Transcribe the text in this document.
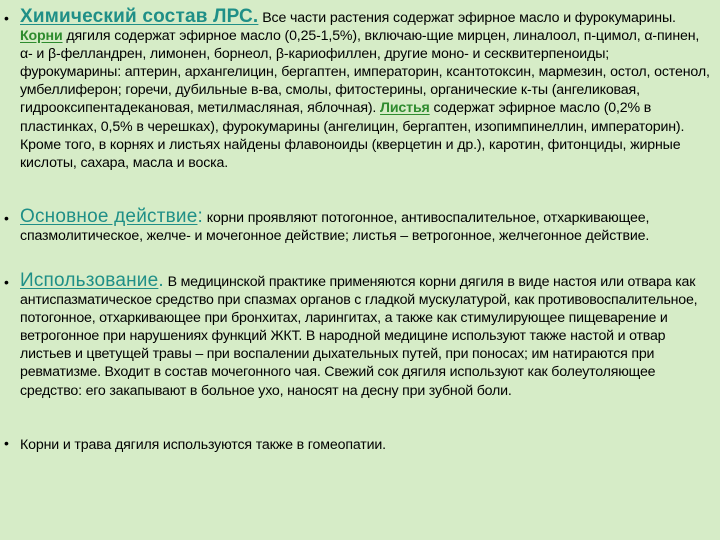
• Химический состав ЛРС. Все части растения содержат эфирное масло и фурокумарины. Корни дягиля содержат эфирное масло (0,25-1,5%), включаю-щие мирцен, линалоол, п-цимол, α-пинен, α- и β-фелландрен, лимонен, борнеол, β-кариофиллен, другие моно- и сесквитерпеноиды; фурокумарины: аптерин, архангелицин, бергаптен, императорин, ксантотоксин, мармезин, остол, остенол, умбеллиферон; горечи, дубильные в-ва, смолы, фитостерины, органические к-ты (ангеликовая, гидрооксипентадекановая, метилмасляная, яблочная). Листья содержат эфирное масло (0,2% в пластинках, 0,5% в черешках), фурокумарины (ангелицин, бергаптен, изопимпинеллин, императорин). Кроме того, в корнях и листьях найдены флавоноиды (кверцетин и др.), каротин, фитонциды, жирные кислоты, сахара, масла и воска.
• Основное действие: корни проявляют потогонное, антивоспалительное, отхаркивающее, спазмолитическое, желче- и мочегонное действие; листья – ветрогонное, желчегонное действие.
• Использование. В медицинской практике применяются корни дягиля в виде настоя или отвара как антиспазматическое средство при спазмах органов с гладкой мускулатурой, как противовоспалительное, потогонное, отхаркивающее при бронхитах, ларингитах, а также как стимулирующее пищеварение и ветрогонное при нарушениях функций ЖКТ. В народной медицине используют также настой и отвар листьев и цветущей травы – при воспалении дыхательных путей, при поносах; им натираются при ревматизме. Входит в состав мочегонного чая. Свежий сок дягиля используют как болеутоляющее средство: его закапывают в больное ухо, наносят на десну при зубной боли.
• Корни и трава дягиля используются также в гомеопатии.
